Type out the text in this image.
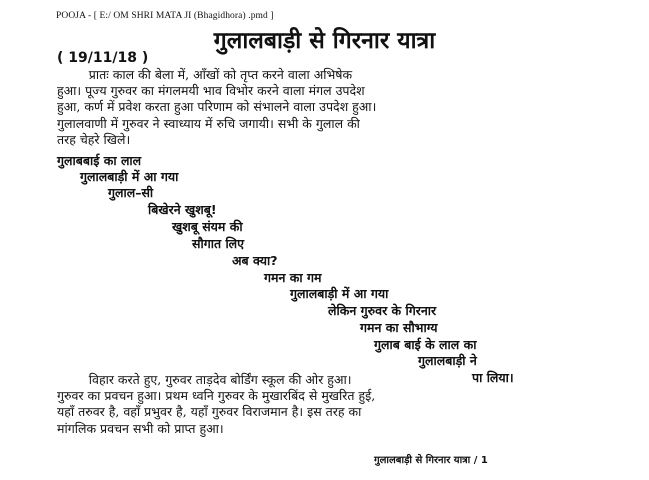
POOJA - [ E:/ OM SHRI MATA JI (Bhagidhora) .pmd ]
गुलालबाड़ी से गिरनार यात्रा
( 19/11/18 )
प्रातः काल की बेला में, आँखों को तृप्त करने वाला अभिषेक
हुआ। पूज्य गुरुवर का मंगलमयी भाव विभोर करने वाला मंगल उपदेश
हुआ, कर्ण में प्रवेश करता हुआ परिणाम को संभालने वाला उपदेश हुआ।
गुलालवाणी में गुरुवर ने स्वाध्याय में रुचि जगायी। सभी के गुलाल की
तरह चेहरे खिले।
गुलाबबाई का लाल
गुलालबाड़ी में आ गया
गुलाल–सी
बिखेरने खुशबू!
खुशबू संयम की
सौगात लिए
अब क्या?
गमन का गम
गुलालबाड़ी में आ गया
लेकिन गुरुवर के गिरनार
गमन का सौभाग्य
गुलाब बाई के लाल का
गुलालबाड़ी ने
पा लिया।
विहार करते हुए, गुरुवर ताड़देव बोर्डिंग स्कूल की ओर हुआ।
गुरुवर का प्रवचन हुआ। प्रथम ध्वनि गुरुवर के मुखारबिंद से मुखरित हुई,
यहाँ तरुवर है, वहाँ प्रभुवर है, यहाँ गुरुवर विराजमान है। इस तरह का
मांगलिक प्रवचन सभी को प्राप्त हुआ।
गुलालबाड़ी से गिरनार यात्रा / 1
